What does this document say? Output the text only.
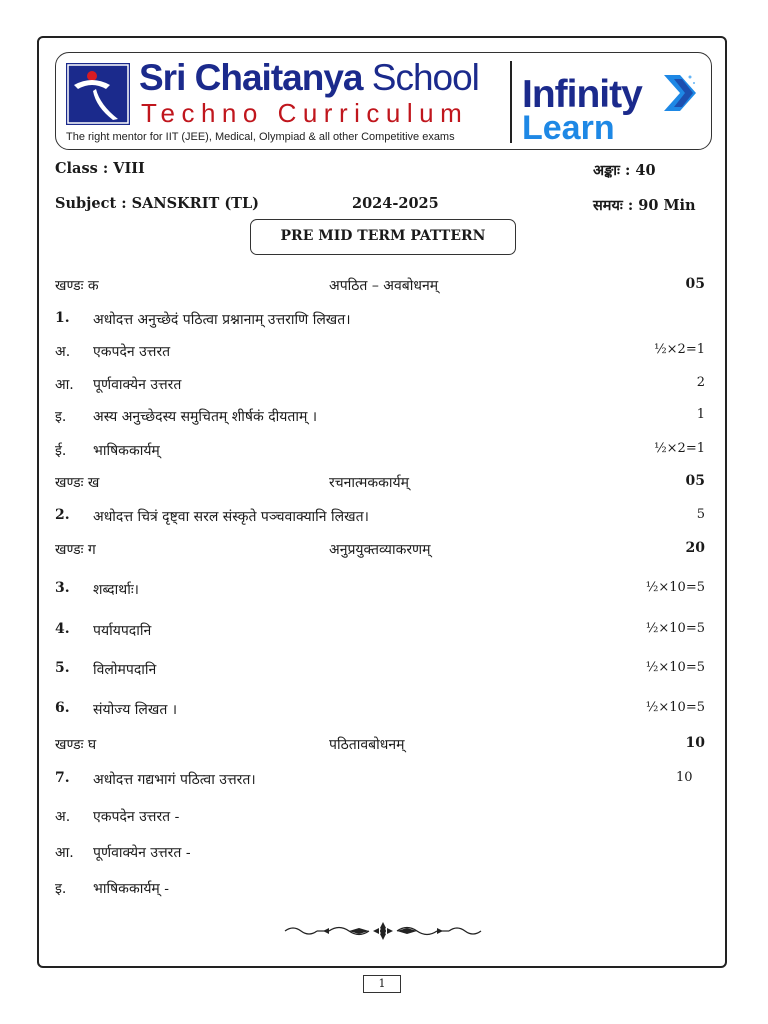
Sri Chaitanya School
Techno Curriculum
The right mentor for IIT (JEE), Medical, Olympiad & all other Competitive exams
Infinity
Learn
Class : VIII	अङ्काः : 40
Subject : SANSKRIT (TL)	2024-2025	समयः : 90 Min
PRE MID TERM PATTERN
खण्डः क	अपठित – अवबोधनम्	05
1. अधोदत्त अनुच्छेदं पठित्वा प्रश्नानाम् उत्तराणि लिखत।
अ. एकपदेन उत्तरत	½×2=1
आ. पूर्णवाक्येन उत्तरत	2
इ. अस्य अनुच्छेदस्य समुचितम् शीर्षकं दीयताम् ।	1
ई. भाषिककार्यम्	½×2=1
खण्डः ख	रचनात्मककार्यम्	05
2. अधोदत्त चित्रं दृष्ट्वा सरल संस्कृते पञ्चवाक्यानि लिखत।	5
खण्डः ग	अनुप्रयुक्तव्याकरणम्	20
3. शब्दार्थाः।	½×10=5
4. पर्यायपदानि	½×10=5
5. विलोमपदानि	½×10=5
6. संयोज्य लिखत ।	½×10=5
खण्डः घ	पठितावबोधनम्	10
7. अधोदत्त गद्यभागं पठित्वा उत्तरत।	10
अ. एकपदेन उत्तरत -
आ. पूर्णवाक्येन उत्तरत -
इ. भाषिककार्यम् -
1
